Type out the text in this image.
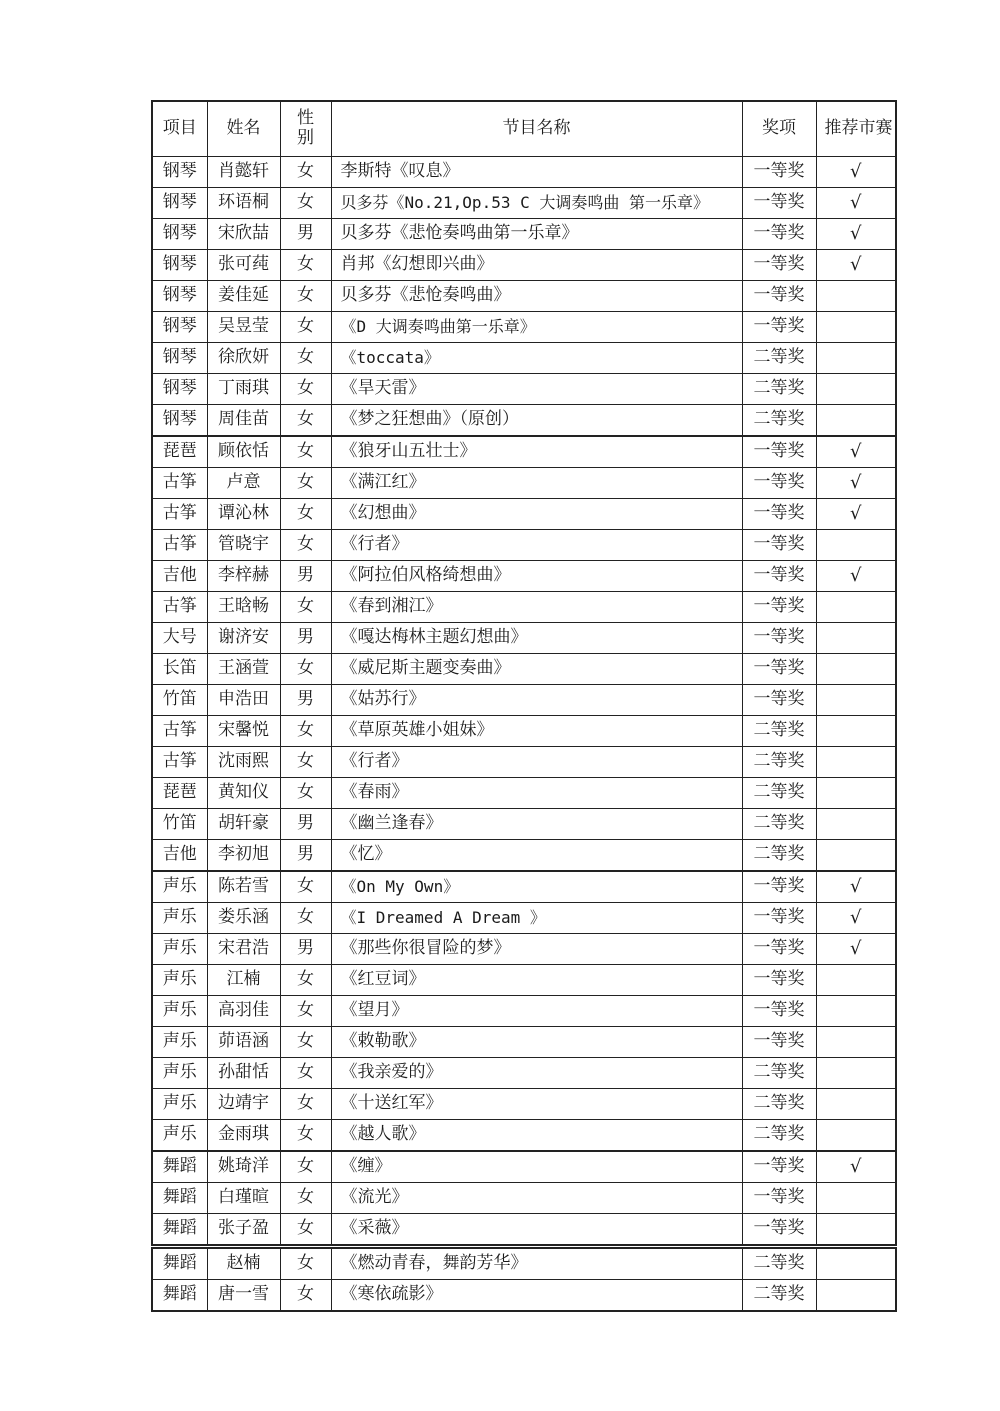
项目	姓名	性别	节目名称	奖项	推荐市赛
钢琴	肖懿轩	女	李斯特《叹息》	一等奖	√
钢琴	环语桐	女	贝多芬《No.21,Op.53 C 大调奏鸣曲 第一乐章》	一等奖	√
钢琴	宋欣喆	男	贝多芬《悲怆奏鸣曲第一乐章》	一等奖	√
钢琴	张可莼	女	肖邦《幻想即兴曲》	一等奖	√
钢琴	姜佳延	女	贝多芬《悲怆奏鸣曲》	一等奖	
钢琴	吴昱莹	女	《D 大调奏鸣曲第一乐章》	一等奖	
钢琴	徐欣妍	女	《toccata》	二等奖	
钢琴	丁雨琪	女	《旱天雷》	二等奖	
钢琴	周佳苗	女	《梦之狂想曲》（原创）	二等奖	
琵琶	顾依恬	女	《狼牙山五壮士》	一等奖	√
古筝	卢意	女	《满江红》	一等奖	√
古筝	谭沁林	女	《幻想曲》	一等奖	√
古筝	管晓宇	女	《行者》	一等奖	
吉他	李梓赫	男	《阿拉伯风格绮想曲》	一等奖	√
古筝	王晗畅	女	《春到湘江》	一等奖	
大号	谢济安	男	《嘎达梅林主题幻想曲》	一等奖	
长笛	王涵萱	女	《威尼斯主题变奏曲》	一等奖	
竹笛	申浩田	男	《姑苏行》	一等奖	
古筝	宋馨悦	女	《草原英雄小姐妹》	二等奖	
古筝	沈雨熙	女	《行者》	二等奖	
琵琶	黄知仪	女	《春雨》	二等奖	
竹笛	胡轩豪	男	《幽兰逢春》	二等奖	
吉他	李初旭	男	《忆》	二等奖	
声乐	陈若雪	女	《On My Own》	一等奖	√
声乐	娄乐涵	女	《I Dreamed A Dream 》	一等奖	√
声乐	宋君浩	男	《那些你很冒险的梦》	一等奖	√
声乐	江楠	女	《红豆词》	一等奖	
声乐	高羽佳	女	《望月》	一等奖	
声乐	茆语涵	女	《敕勒歌》	一等奖	
声乐	孙甜恬	女	《我亲爱的》	二等奖	
声乐	边靖宇	女	《十送红军》	二等奖	
声乐	金雨琪	女	《越人歌》	二等奖	
舞蹈	姚琦洋	女	《缠》	一等奖	√
舞蹈	白瑾暄	女	《流光》	一等奖	
舞蹈	张子盈	女	《采薇》	一等奖	
舞蹈	赵楠	女	《燃动青春，舞韵芳华》	二等奖	
舞蹈	唐一雪	女	《寒依疏影》	二等奖	
